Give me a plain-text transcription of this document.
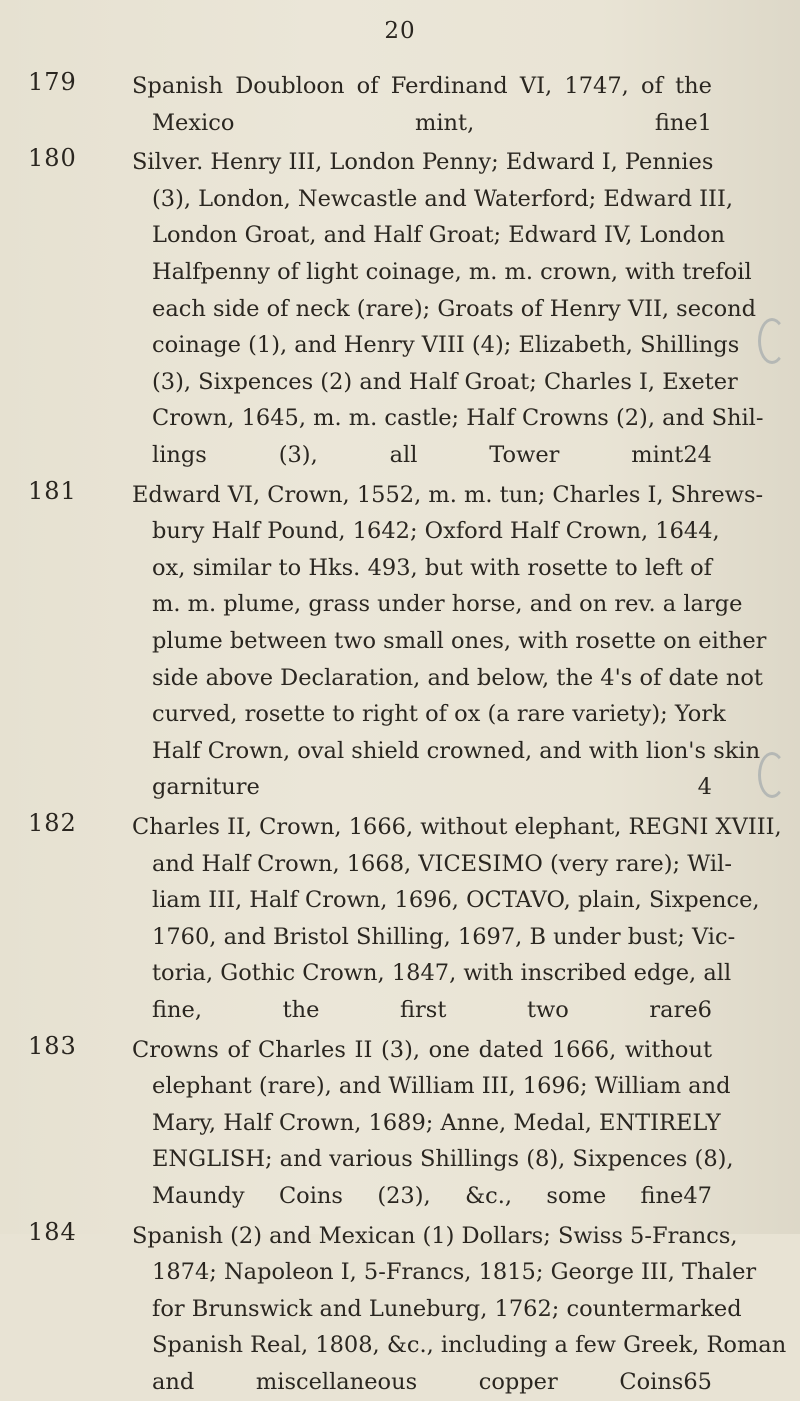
20
179 Spanish Doubloon of Ferdinand VI, 1747, of the
Mexico mint, fine 1
180 Silver. Henry III, London Penny; Edward I, Pennies
(3), London, Newcastle and Waterford; Edward III,
London Groat, and Half Groat; Edward IV, London
Halfpenny of light coinage, m. m. crown, with trefoil
each side of neck (rare); Groats of Henry VII, second
coinage (1), and Henry VIII (4); Elizabeth, Shillings
(3), Sixpences (2) and Half Groat; Charles I, Exeter
Crown, 1645, m. m. castle; Half Crowns (2), and Shil-
lings (3), all Tower mint 24
181 Edward VI, Crown, 1552, m. m. tun; Charles I, Shrews-
bury Half Pound, 1642; Oxford Half Crown, 1644,
ox, similar to Hks. 493, but with rosette to left of
m. m. plume, grass under horse, and on rev. a large
plume between two small ones, with rosette on either
side above Declaration, and below, the 4's of date not
curved, rosette to right of ox (a rare variety); York
Half Crown, oval shield crowned, and with lion's skin
garniture	4
182 Charles II, Crown, 1666, without elephant, REGNI XVIII,
and Half Crown, 1668, VICESIMO (very rare); Wil-
liam III, Half Crown, 1696, OCTAVO, plain, Sixpence,
1760, and Bristol Shilling, 1697, B under bust; Vic-
toria, Gothic Crown, 1847, with inscribed edge, all
fine, the first two rare 6
183 Crowns of Charles II (3), one dated 1666, without
elephant (rare), and William III, 1696; William and
Mary, Half Crown, 1689; Anne, Medal, ENTIRELY
ENGLISH; and various Shillings (8), Sixpences (8),
Maundy Coins (23), &c., some fine 47
184 Spanish (2) and Mexican (1) Dollars; Swiss 5-Francs,
1874; Napoleon I, 5-Francs, 1815; George III, Thaler
for Brunswick and Luneburg, 1762; countermarked
Spanish Real, 1808, &c., including a few Greek, Roman
and miscellaneous copper Coins 65
